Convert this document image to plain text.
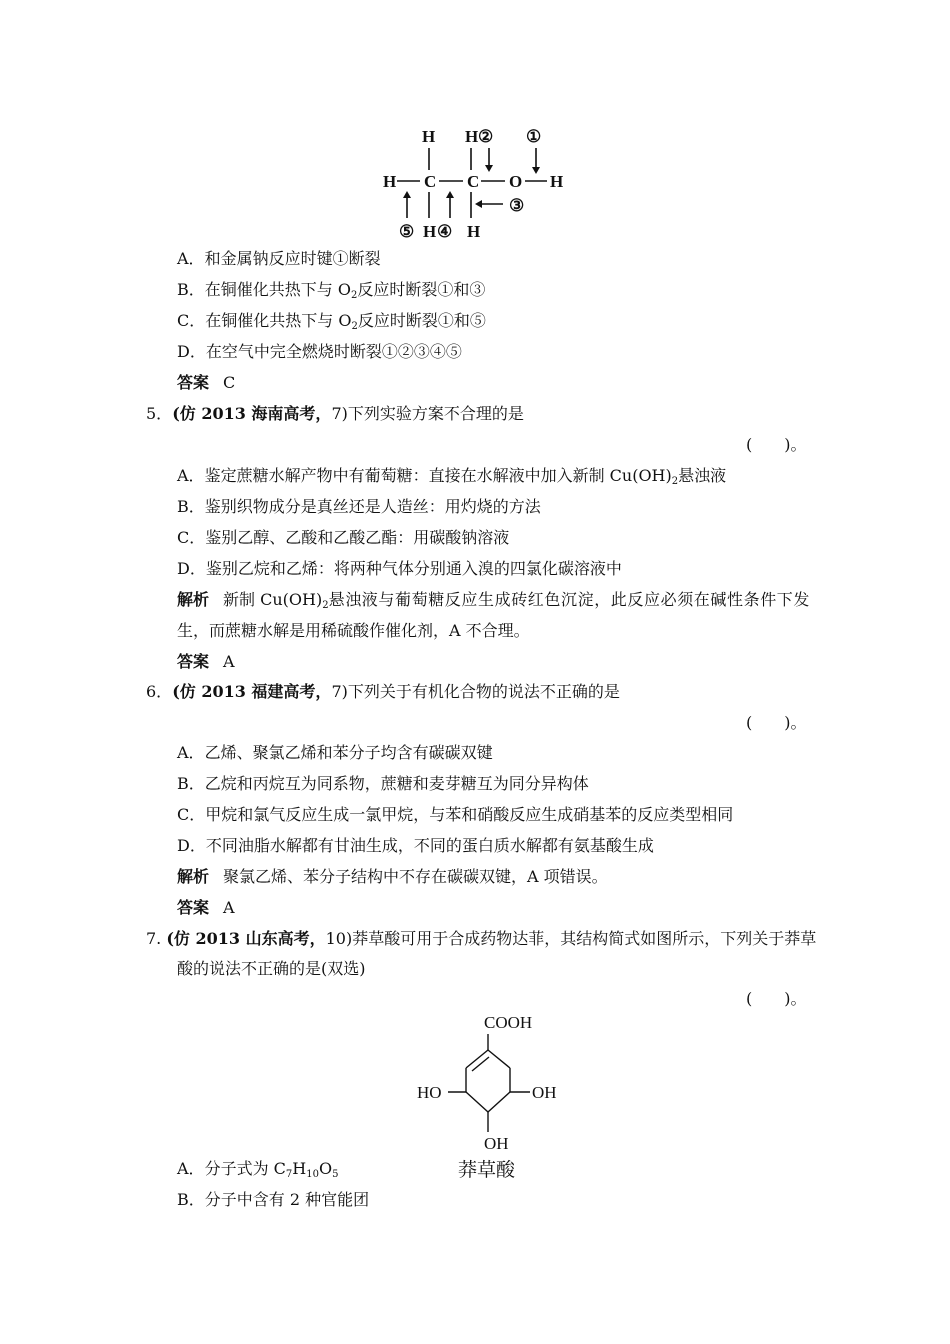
H H ② ①
H C C O H
③
⑤ H ④ H
A．和金属钠反应时键①断裂
B．在铜催化共热下与 $O_2$反应时断裂①和③
C．在铜催化共热下与 $O_2$反应时断裂①和⑤
D．在空气中完全燃烧时断裂①②③④⑤
答案 C
5．(仿 2013 海南高考，7)下列实验方案不合理的是
(　　)。
A．鉴定蔗糖水解产物中有葡萄糖：直接在水解液中加入新制 $Cu(OH)_2$悬浊液
B．鉴别织物成分是真丝还是人造丝：用灼烧的方法
C．鉴别乙醇、乙酸和乙酸乙酯：用碳酸钠溶液
D．鉴别乙烷和乙烯：将两种气体分别通入溴的四氯化碳溶液中
解析 新制 $Cu(OH)_2$悬浊液与葡萄糖反应生成砖红色沉淀，此反应必须在碱性条件下发
生，而蔗糖水解是用稀硫酸作催化剂，A 不合理。
答案 A
6．(仿 2013 福建高考，7)下列关于有机化合物的说法不正确的是
(　　)。
A．乙烯、聚氯乙烯和苯分子均含有碳碳双键
B．乙烷和丙烷互为同系物，蔗糖和麦芽糖互为同分异构体
C．甲烷和氯气反应生成一氯甲烷，与苯和硝酸反应生成硝基苯的反应类型相同
D．不同油脂水解都有甘油生成，不同的蛋白质水解都有氨基酸生成
解析 聚氯乙烯、苯分子结构中不存在碳碳双键，A 项错误。
答案 A
7. (仿 2013 山东高考，10)莽草酸可用于合成药物达菲，其结构简式如图所示，下列关于莽草
酸的说法不正确的是(双选)
(　　)。
COOH
HO	OH
OH
莽草酸
A．分子式为 $C_7H_{10}O_5$
B．分子中含有 2 种官能团
